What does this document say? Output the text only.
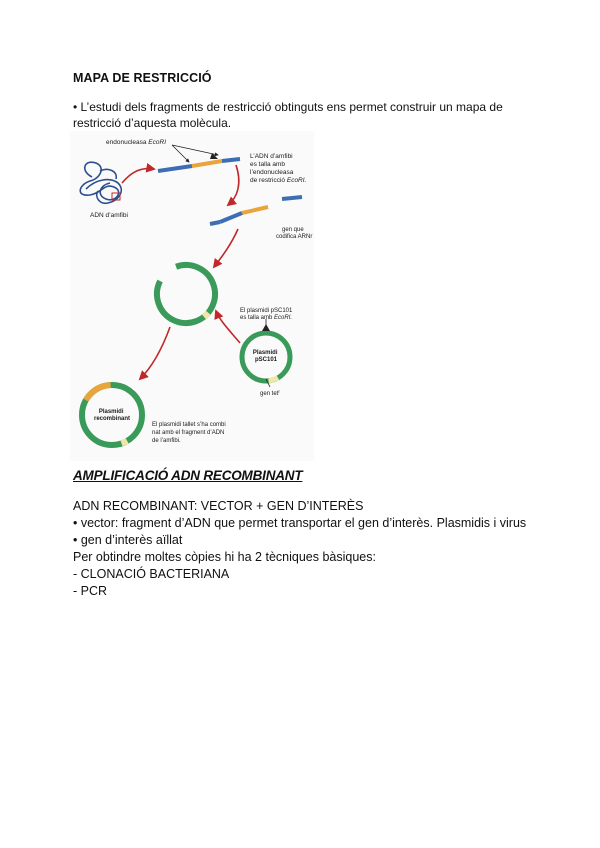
MAPA DE RESTRICCIÓ
• L’estudi dels fragments de restricció obtinguts ens permet construir un mapa de restricció d’aquesta molècula.
ADN d’amfibi
endonucleasa EcoRI
L’ADN d’amfibi es talla amb l’endonucleasa de restricció EcoRI.
gen que codifica ARNr
Plasmidi pSC101
El plasmidi pSC101 es talla amb EcoRI.
gen tet$^r$
Plasmidi recombinant
El plasmidi tallet s’ha combi nat amb el fragment d’ADN de l’amfibi.
AMPLIFICACIÓ ADN RECOMBINANT
ADN RECOMBINANT: VECTOR + GEN D’INTERÈS
• vector: fragment d’ADN que permet transportar el gen d’interès. Plasmidis i virus
• gen d’interès aïllat
Per obtindre moltes còpies hi ha 2 tècniques bàsiques:
- CLONACIÓ BACTERIANA
- PCR
